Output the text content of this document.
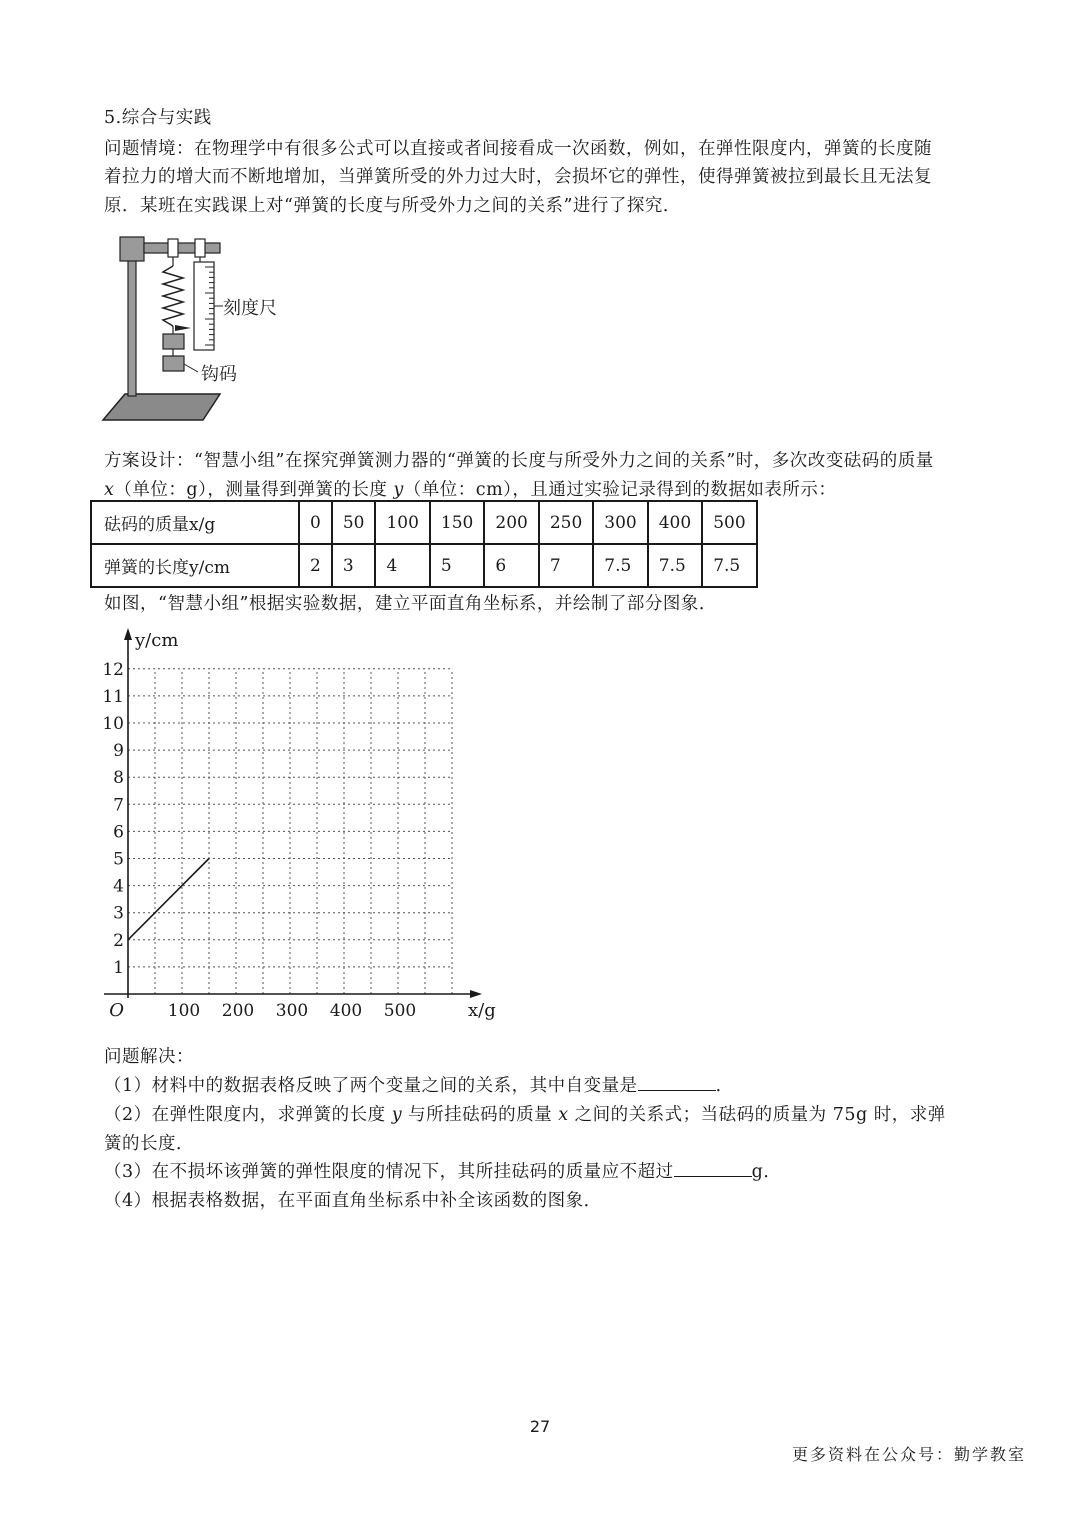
5.综合与实践
问题情境：在物理学中有很多公式可以直接或者间接看成一次函数，例如，在弹性限度内，弹簧的长度随
着拉力的增大而不断地增加，当弹簧所受的外力过大时，会损坏它的弹性，使得弹簧被拉到最长且无法复
原．某班在实践课上对“弹簧的长度与所受外力之间的关系”进行了探究．
刻度尺
钩码
方案设计：“智慧小组”在探究弹簧测力器的“弹簧的长度与所受外力之间的关系”时，多次改变砝码的质量
x（单位：g），测量得到弹簧的长度 y（单位：cm），且通过实验记录得到的数据如表所示：
砝码的质量x/g	0	50	100	150	200	250	300	400	500
弹簧的长度y/cm	2	3	4	5	6	7	7.5	7.5	7.5
如图，“智慧小组”根据实验数据，建立平面直角坐标系，并绘制了部分图象．
1
2
3
4
5
6
7
8
9
10
11
12
100 200 300 400 500
O	x/g
y/cm
问题解决：
（1）材料中的数据表格反映了两个变量之间的关系，其中自变量是	．
（2）在弹性限度内，求弹簧的长度 y 与所挂砝码的质量 x 之间的关系式；当砝码的质量为 75g 时，求弹
簧的长度．
（3）在不损坏该弹簧的弹性限度的情况下，其所挂砝码的质量应不超过	g．
（4）根据表格数据，在平面直角坐标系中补全该函数的图象．
27
更多资料在公众号：勤学教室
